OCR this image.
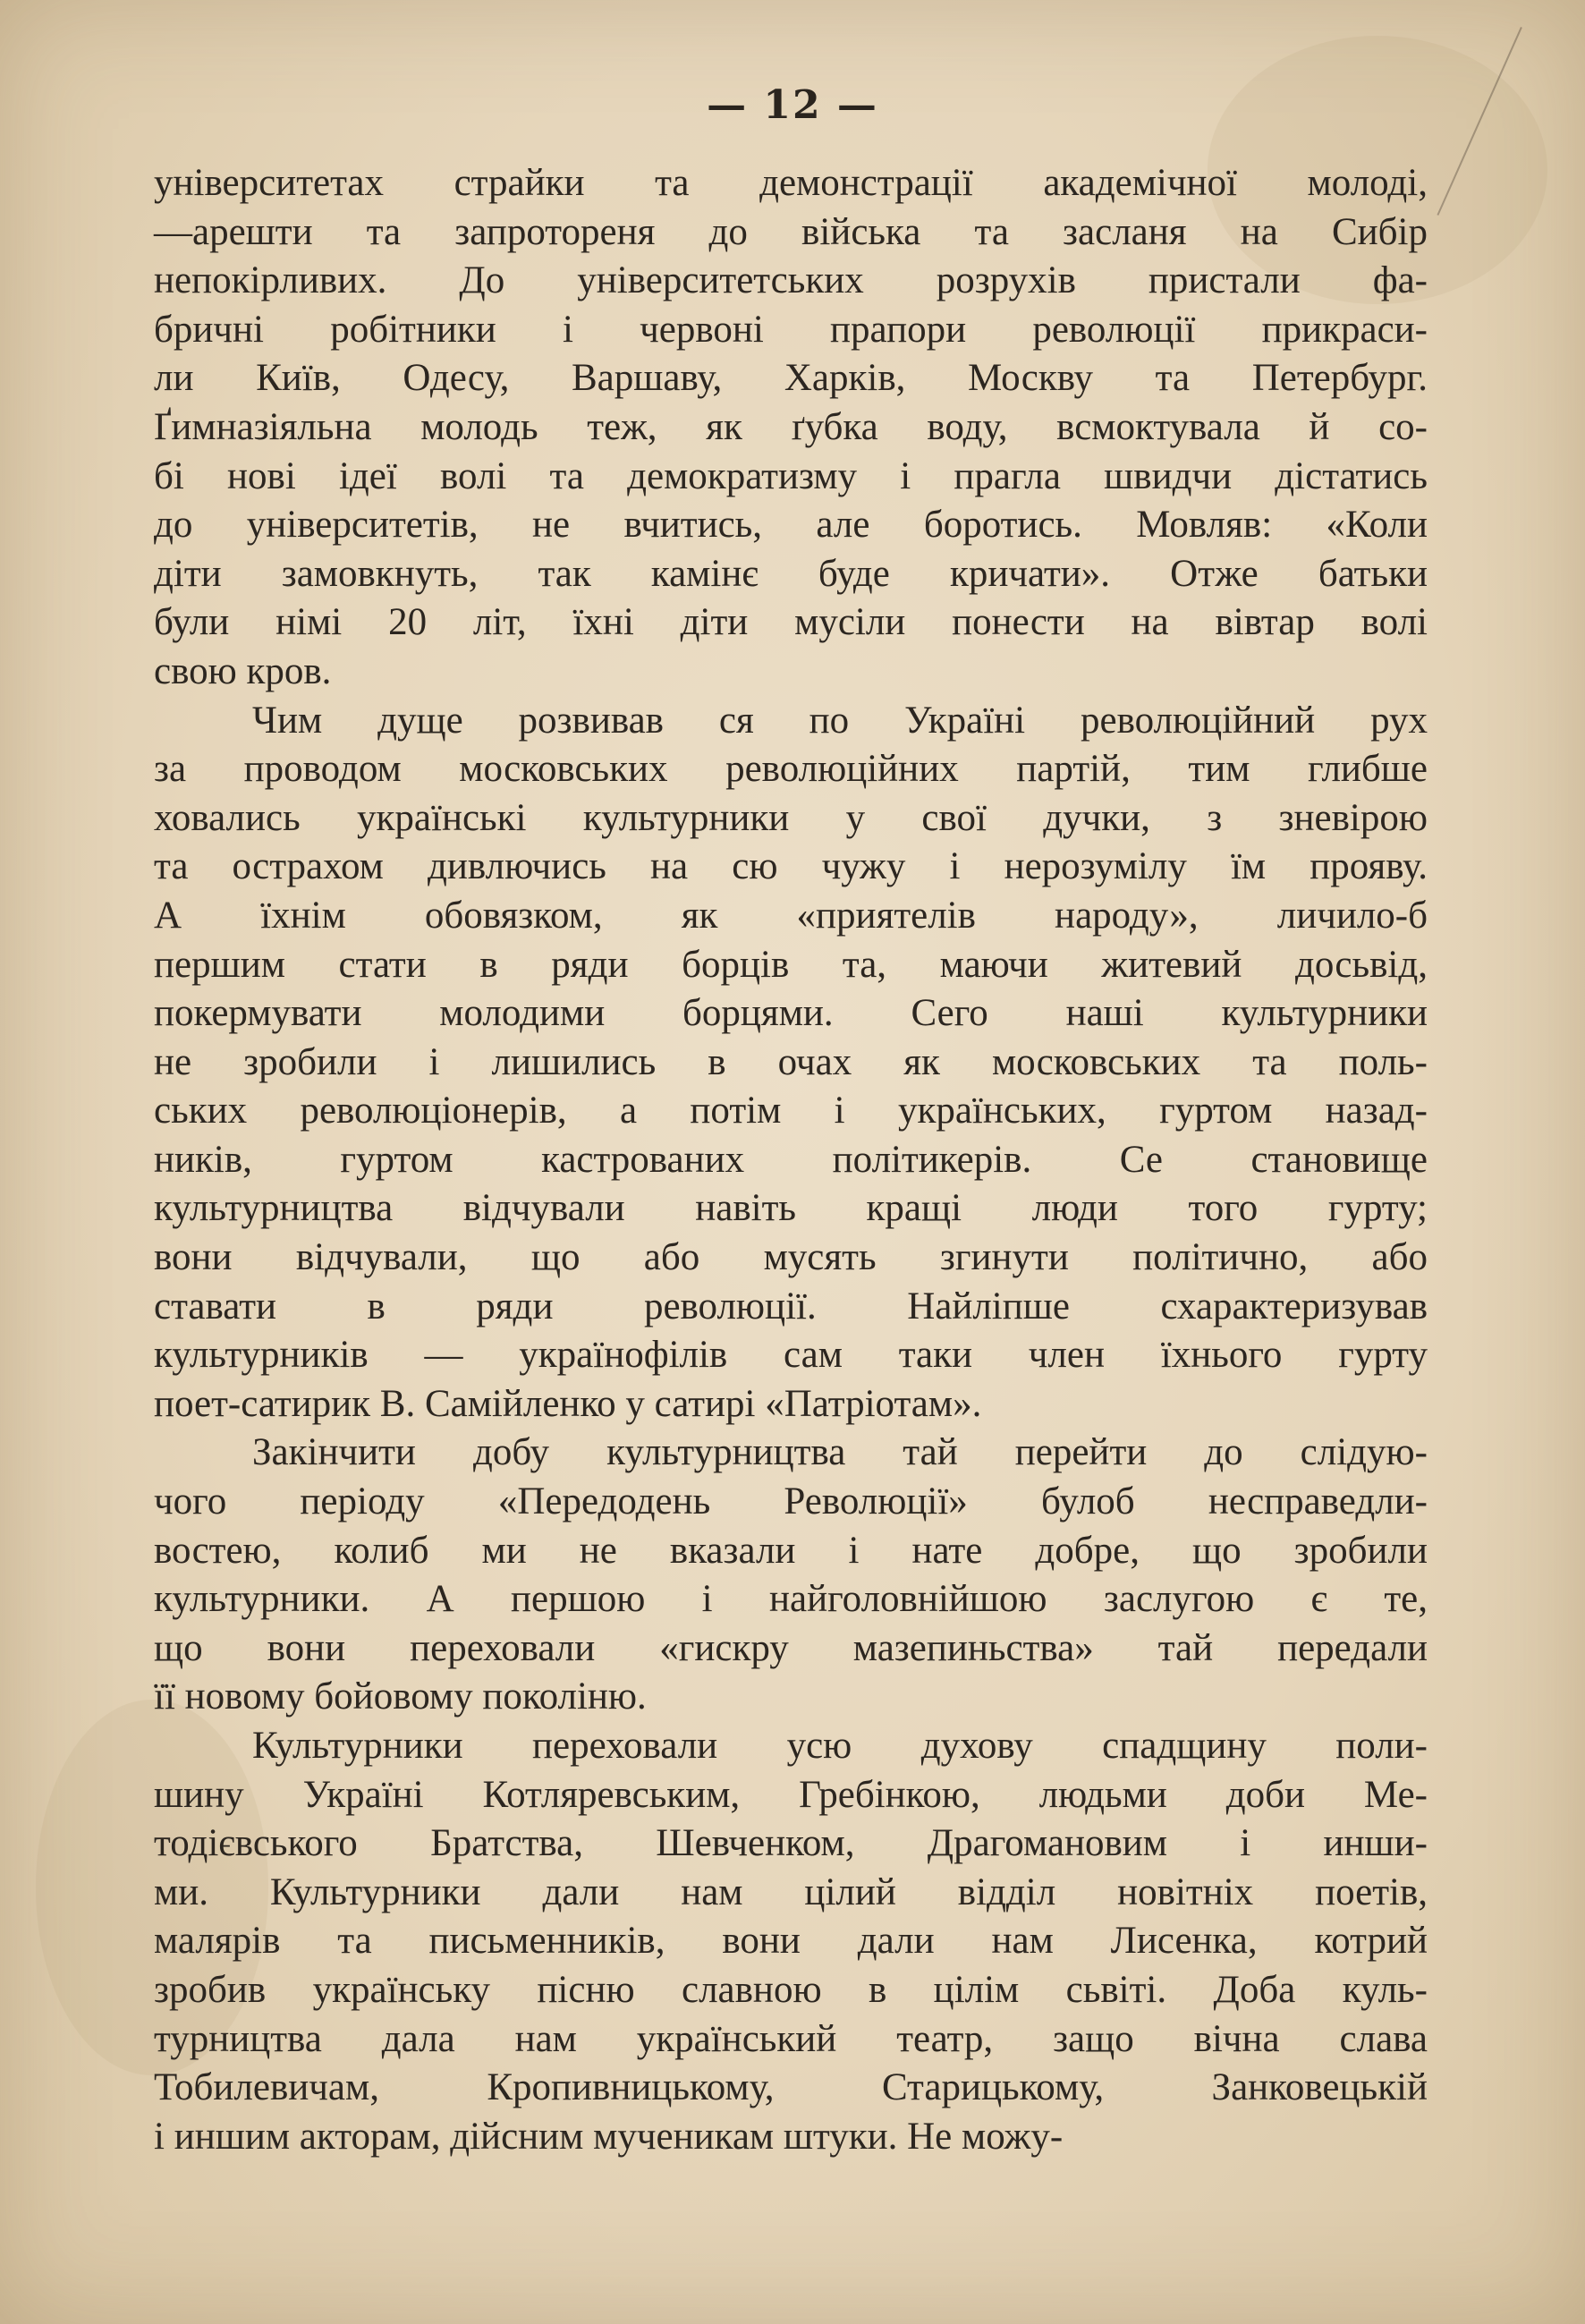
— 12 —
університетах страйки та демонстрації академічної молоді,
—арешти та запротореня до війська та засланя на Сибір
непокірливих. До університетських розрухів пристали фа-
бричні робітники і червоні прапори революції прикраси-
ли Київ, Одесу, Варшаву, Харків, Москву та Петербург.
Ґимназіяльна молодь теж, як ґубка воду, всмоктувала й со-
бі нові ідеї волі та демократизму і прагла швидчи дістатись
до університетів, не вчитись, але боротись. Мовляв: «Коли
діти замовкнуть, так камінє буде кричати». Отже батьки
були німі 20 літ, їхні діти мусіли понести на вівтар волі
свою кров.
Чим дуще розвивав ся по Україні революційний рух
за проводом московських революційних партій, тим глибше
ховались українські культурники у свої дучки, з зневірою
та острахом дивлючись на сю чужу і нерозумілу їм прояву.
А їхнім обовязком, як «приятелів народу», личило-б
першим стати в ряди борців та, маючи житевий досьвід,
покермувати молодими борцями. Сего наші культурники
не зробили і лишились в очах як московських та поль-
ських революціонерів, а потім і українських, гуртом назад-
ників, гуртом кастрованих політикерів. Се становище
культурництва відчували навіть кращі люди того гурту;
вони відчували, що або мусять згинути політично, або
ставати в ряди революції. Найліпше схарактеризував
культурників — українофілів сам таки член їхнього гурту
поет-сатирик В. Самійленко у сатирі «Патріотам».
Закінчити добу культурництва тай перейти до слідую-
чого періоду «Передодень Революції» булоб несправедли-
востею, колиб ми не вказали і нате добре, що зробили
культурники. А першою і найголовнійшою заслугою є те,
що вони переховали «гискру мазепиньства» тай передали
її новому бойовому поколіню.
Культурники переховали усю духову спадщину поли-
шину Україні Котляревським, Гребінкою, людьми доби Ме-
тодієвського Братства, Шевченком, Драгомановим і инши-
ми. Культурники дали нам цілий відділ новітніх поетів,
малярів та письменників, вони дали нам Лисенка, котрий
зробив українську пісню славною в цілім сьвіті. Доба куль-
турництва дала нам український театр, защо вічна слава
Тобилевичам, Кропивницькому, Старицькому, Занковецькій
і иншим акторам, дійсним мученикам штуки. Не можу-
